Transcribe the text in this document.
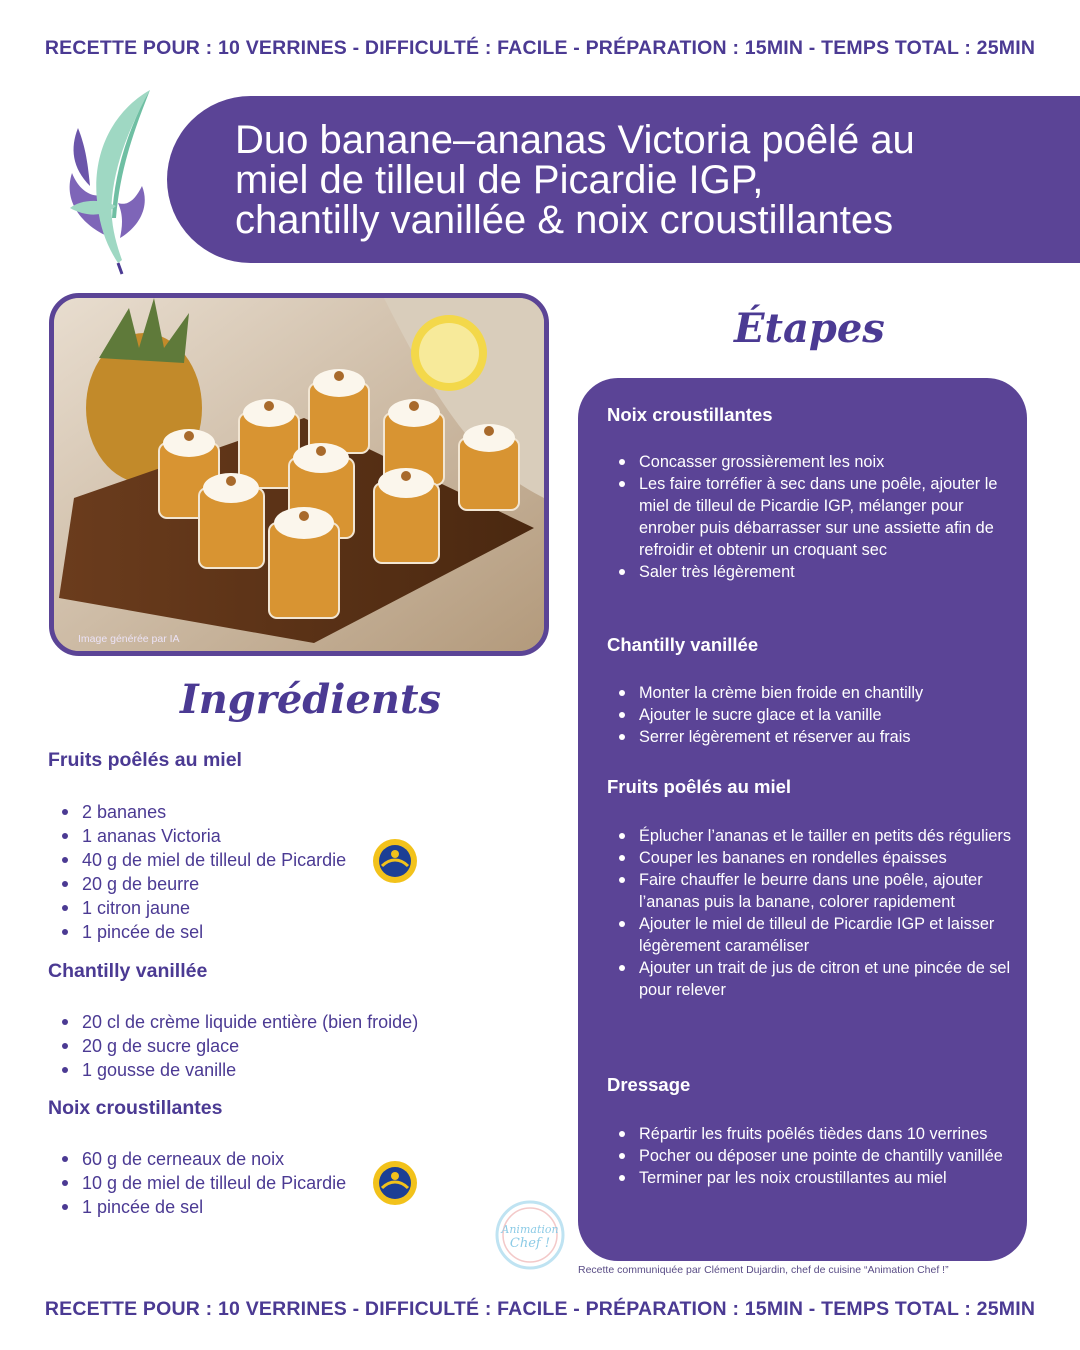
RECETTE POUR : 10 VERRINES - DIFFICULTÉ : FACILE - PRÉPARATION : 15MIN - TEMPS TOTAL : 25MIN
Duo banane–ananas Victoria poêlé au
miel de tilleul de Picardie IGP,
chantilly vanillée & noix croustillantes
Image générée par IA
Ingrédients
Étapes
Fruits poêlés au miel
2 bananes
1 ananas Victoria
40 g de miel de tilleul de Picardie
20 g de beurre
1 citron jaune
1 pincée de sel
Chantilly vanillée
20 cl de crème liquide entière (bien froide)
20 g de sucre glace
1 gousse de vanille
Noix croustillantes
60 g de cerneaux de noix
10 g de miel de tilleul de Picardie
1 pincée de sel
Noix croustillantes
Concasser grossièrement les noix
Les faire torréfier à sec dans une poêle, ajouter le miel de tilleul de Picardie IGP, mélanger pour enrober puis débarrasser sur une assiette afin de refroidir et obtenir un croquant sec
Saler très légèrement
Chantilly vanillée
Monter la crème bien froide en chantilly
Ajouter le sucre glace et la vanille
Serrer légèrement et réserver au frais
Fruits poêlés au miel
Éplucher l’ananas et le tailler en petits dés réguliers
Couper les bananes en rondelles épaisses
Faire chauffer le beurre dans une poêle, ajouter l’ananas puis la banane, colorer rapidement
Ajouter le miel de tilleul de Picardie IGP et laisser légèrement caraméliser
Ajouter un trait de jus de citron et une pincée de sel pour relever
Dressage
Répartir les fruits poêlés tièdes dans 10 verrines
Pocher ou déposer une pointe de chantilly vanillée
Terminer par les noix croustillantes au miel
Animation
Chef !
Recette communiquée par Clément Dujardin, chef de cuisine “Animation Chef !”
RECETTE POUR : 10 VERRINES - DIFFICULTÉ : FACILE - PRÉPARATION : 15MIN - TEMPS TOTAL : 25MIN
